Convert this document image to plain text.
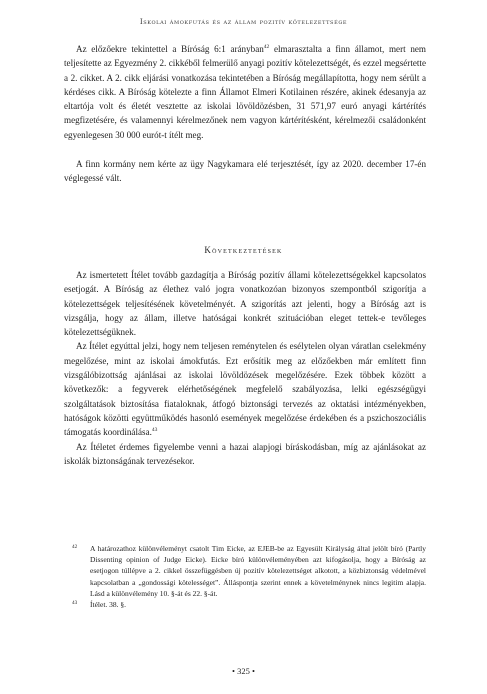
Iskolai ámokfutás és az állam pozitív kötelezettsége

Az előzőekre tekintettel a Bíróság 6:1 arányban$^{42}$ elmarasztalta a finn államot, mert nem teljesítette az Egyezmény 2. cikkéből felmerülő anyagi pozitív kötelezettségét, és ezzel megsértette a 2. cikket. A 2. cikk eljárási vonatkozása tekintetében a Bíróság megállapította, hogy nem sérült a kérdéses cikk. A Bíróság kötelezte a finn Államot Elmeri Kotilainen részére, akinek édesanyja az eltartója volt és életét vesztette az iskolai lövöldözésben, 31 571,97 euró anyagi kártérítés megfizetésére, és valamennyi kérelmezőnek nem vagyon kártérítésként, kérelmezői családonként egyenlegesen 30 000 eurót-t ítélt meg.

A finn kormány nem kérte az ügy Nagykamara elé terjesztését, így az 2020. december 17-én véglegessé vált.

Következtetések

Az ismertetett Ítélet tovább gazdagítja a Bíróság pozitív állami kötelezettségekkel kapcsolatos esetjogát. A Bíróság az élethez való jogra vonatkozóan bizonyos szempontból szigorítja a kötelezettségek teljesítésének követelményét. A szigorítás azt jelenti, hogy a Bíróság azt is vizsgálja, hogy az állam, illetve hatóságai konkrét szituációban eleget tettek-e tevőleges kötelezettségüknek.

Az Ítélet egyúttal jelzi, hogy nem teljesen reménytelen és esélytelen olyan váratlan cselekmény megelőzése, mint az iskolai ámokfutás. Ezt erősítik meg az előzőekben már említett finn vizsgálóbizottság ajánlásai az iskolai lövöldözések megelőzésére. Ezek többek között a következők: a fegyverek elérhetőségének megfelelő szabályozása, lelki egészségügyi szolgáltatások biztosítása fiataloknak, átfogó biztonsági tervezés az oktatási intézményekben, hatóságok közötti együttműködés hasonló események megelőzése érdekében és a pszichoszociális támogatás koordinálása.$^{43}$

Az Ítéletet érdemes figyelembe venni a hazai alapjogi bíráskodásban, míg az ajánlásokat az iskolák biztonságának tervezésekor.

42	A határozathoz különvéleményt csatolt Tim Eicke, az EJEB-be az Egyesült Királyság által jelölt bíró (Partly Dissenting opinion of Judge Eicke). Eicke bíró különvéleményében azt kifogásolja, hogy a Bíróság az esetjogon túllépve a 2. cikkel összefüggésben új pozitív kötelezettséget alkotott, a közbiztonság védelmével kapcsolatban a „gondossági kötelességet”. Álláspontja szerint ennek a követelménynek nincs legitim alapja. Lásd a különvélemény 10. §-át és 22. §-át.
43	Ítélet. 38. §.
• 325 •
